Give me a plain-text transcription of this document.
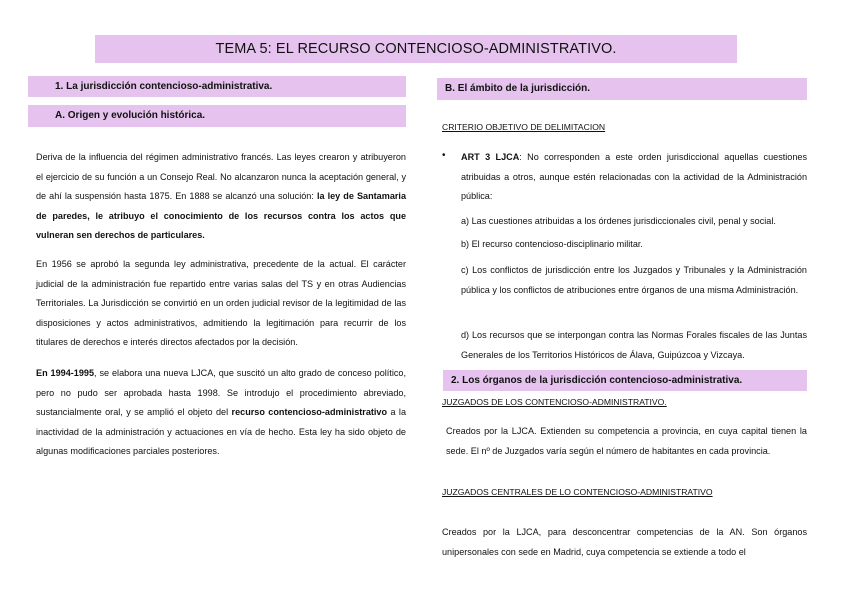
TEMA 5: EL RECURSO CONTENCIOSO-ADMINISTRATIVO.
1. La jurisdicción contencioso-administrativa.
A. Origen y evolución histórica.
Deriva de la influencia del régimen administrativo francés. Las leyes crearon y atribuyeron el ejercicio de su función a un Consejo Real. No alcanzaron nunca la aceptación general, y de ahí la suspensión hasta 1875. En 1888 se alcanzó una solución: la ley de Santamaria de paredes, le atribuyo el conocimiento de los recursos contra los actos que vulneran sen derechos de particulares.
En 1956 se aprobó la segunda ley administrativa, precedente de la actual. El carácter judicial de la administración fue repartido entre varias salas del TS y en otras Audiencias Territoriales. La Jurisdicción se convirtió en un orden judicial revisor de la legitimidad de las disposiciones y actos administrativos, admitiendo la legitimación para recurrir de los titulares de derechos e interés directos afectados por la decisión.
En 1994-1995, se elabora una nueva LJCA, que suscitó un alto grado de conceso político, pero no pudo ser aprobada hasta 1998. Se introdujo el procedimiento abreviado, sustancialmente oral, y se amplió el objeto del recurso contencioso-administrativo a la inactividad de la administración y actuaciones en vía de hecho. Esta ley ha sido objeto de algunas modificaciones parciales posteriores.
B. El ámbito de la jurisdicción.
CRITERIO OBJETIVO DE DELIMITACION
• ART 3 LJCA: No corresponden a este orden jurisdiccional aquellas cuestiones atribuidas a otros, aunque estén relacionadas con la actividad de la Administración pública:
a) Las cuestiones atribuidas a los órdenes jurisdiccionales civil, penal y social.
b) El recurso contencioso-disciplinario militar.
c) Los conflictos de jurisdicción entre los Juzgados y Tribunales y la Administración pública y los conflictos de atribuciones entre órganos de una misma Administración.
d) Los recursos que se interpongan contra las Normas Forales fiscales de las Juntas Generales de los Territorios Históricos de Álava, Guipúzcoa y Vizcaya.
2. Los órganos de la jurisdicción contencioso-administrativa.
JUZGADOS DE LOS CONTENCIOSO-ADMINISTRATIVO.
Creados por la LJCA. Extienden su competencia a provincia, en cuya capital tienen la sede. El nº de Juzgados varía según el número de habitantes en cada provincia.
JUZGADOS CENTRALES DE LO CONTENCIOSO-ADMINISTRATIVO
Creados por la LJCA, para desconcentrar competencias de la AN. Son órganos unipersonales con sede en Madrid, cuya competencia se extiende a todo el
